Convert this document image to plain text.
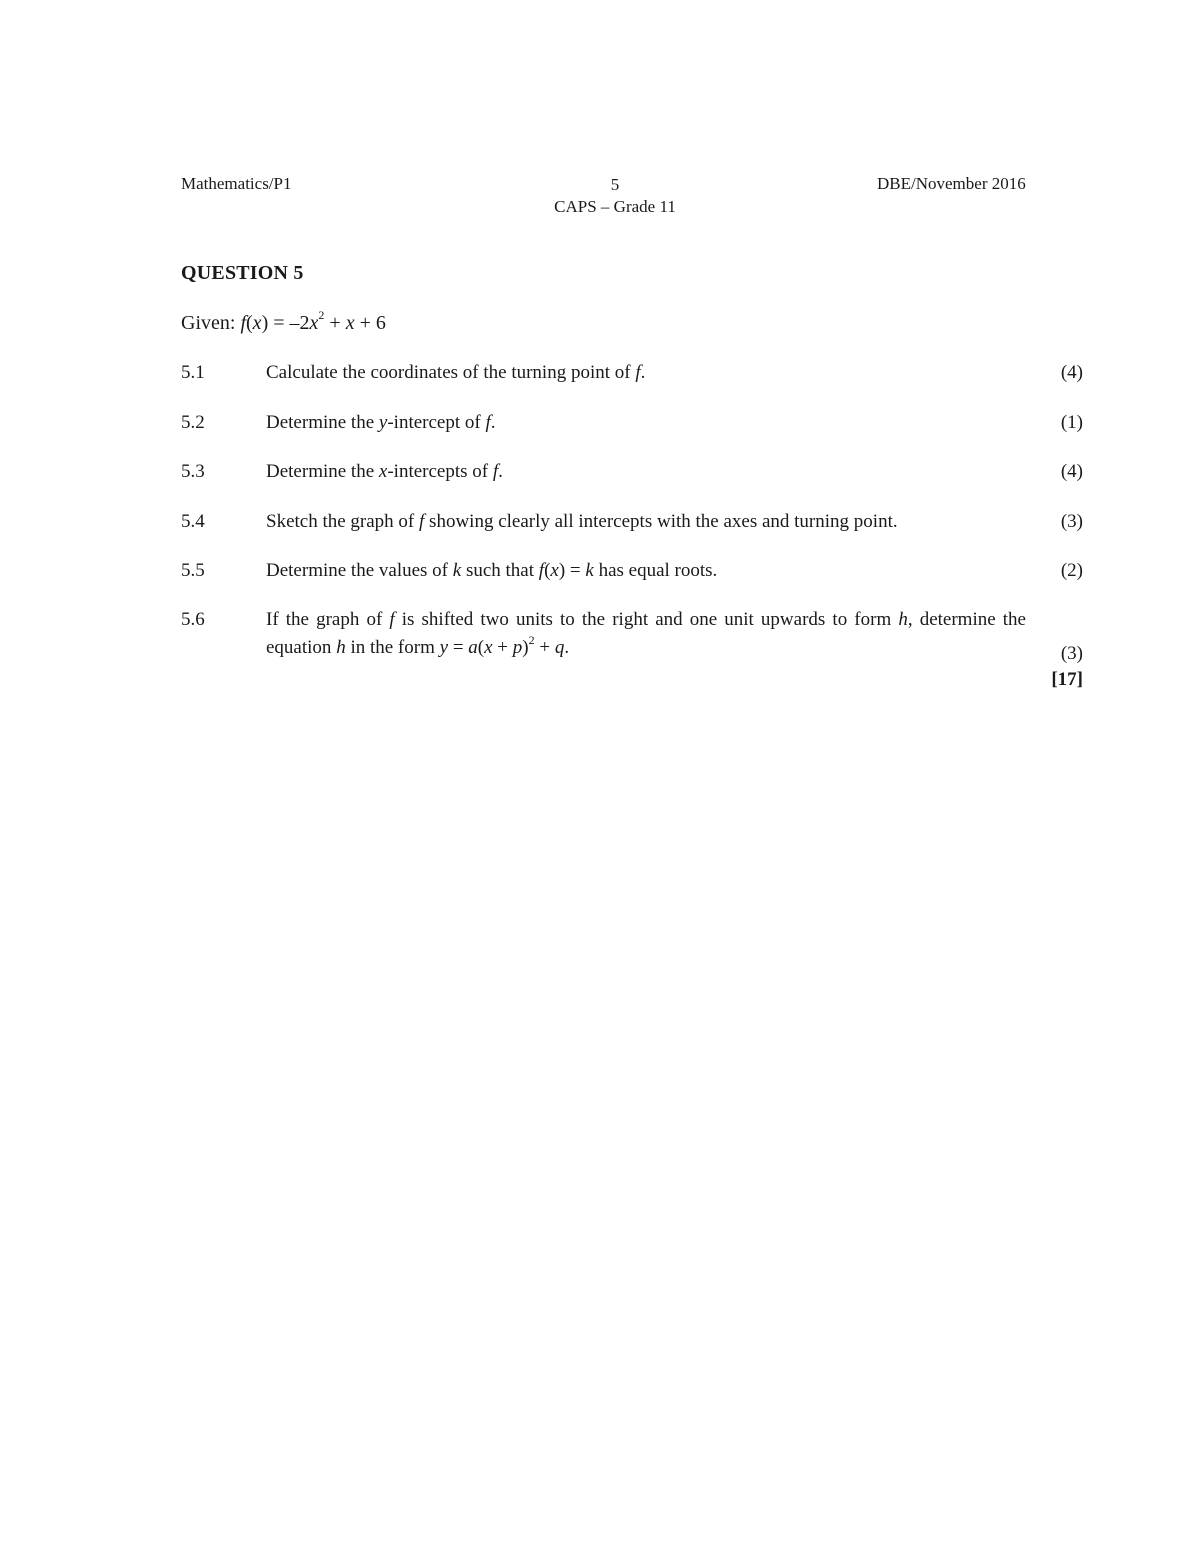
Mathematics/P1	5
CAPS – Grade 11
DBE/November 2016
QUESTION 5
Given: $f(x) = -2x^2 + x + 6$
5.1	Calculate the coordinates of the turning point of f.	(4)
5.2	Determine the y-intercept of f.	(1)
5.3	Determine the x-intercepts of f.	(4)
5.4	Sketch the graph of f showing clearly all intercepts with the axes and turning point.	(3)
5.5	Determine the values of k such that f(x) = k has equal roots.	(2)
5.6	If the graph of f is shifted two units to the right and one unit upwards to form h, determine the equation h in the form $y = a(x + p)^2 + q$.	(3)
[17]
